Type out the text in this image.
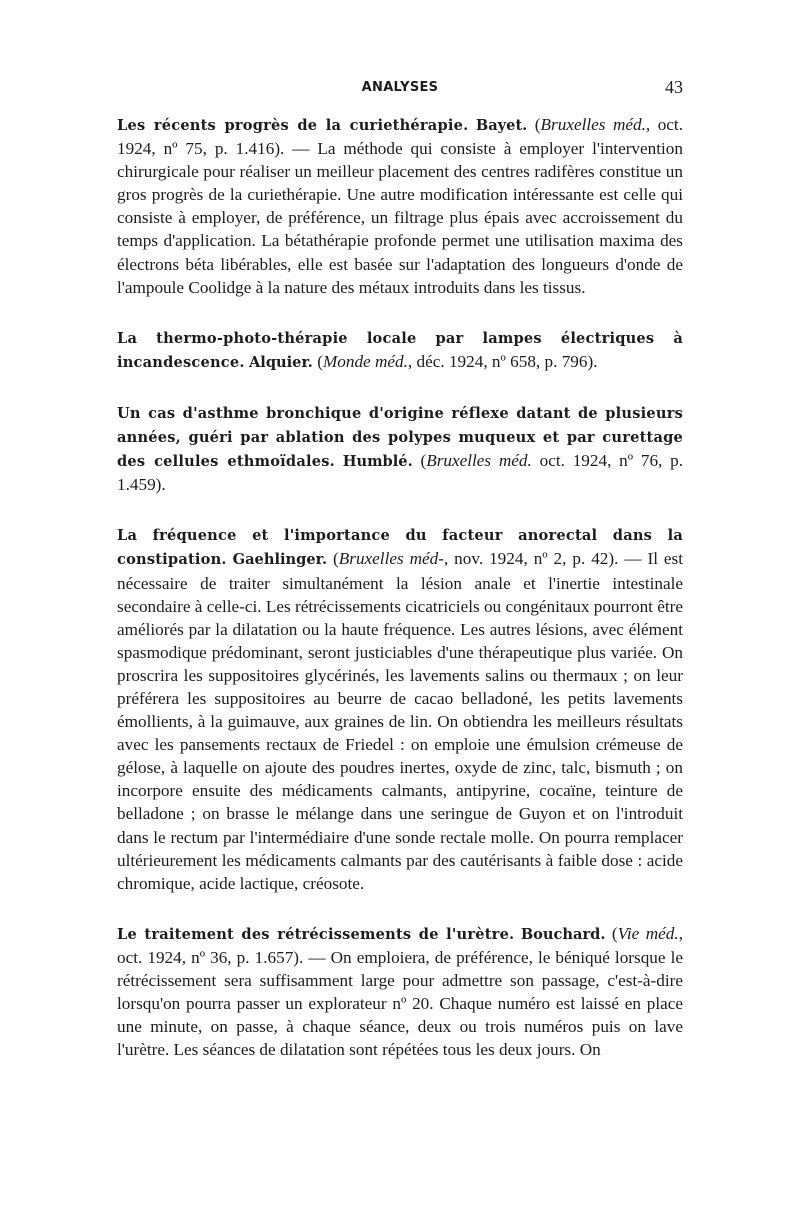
ANALYSES	43

Les récents progrès de la curiethérapie. Bayet. (Bruxelles méd., oct. 1924, nº 75, p. 1.416). — La méthode qui consiste à employer l'intervention chirurgicale pour réaliser un meilleur placement des centres radifères constitue un gros progrès de la curiethérapie. Une autre modification intéressante est celle qui consiste à employer, de préférence, un filtrage plus épais avec accroissement du temps d'application. La bétathérapie profonde permet une utilisation maxima des électrons béta libérables, elle est basée sur l'adaptation des longueurs d'onde de l'ampoule Coolidge à la nature des métaux introduits dans les tissus.

La thermo-photo-thérapie locale par lampes électriques à incandescence. Alquier. (Monde méd., déc. 1924, nº 658, p. 796).

Un cas d'asthme bronchique d'origine réflexe datant de plusieurs années, guéri par ablation des polypes muqueux et par curettage des cellules ethmoïdales. Humblé. (Bruxelles méd. oct. 1924, nº 76, p. 1.459).

La fréquence et l'importance du facteur anorectal dans la constipation. Gaehlinger. (Bruxelles méd-, nov. 1924, nº 2, p. 42). — Il est nécessaire de traiter simultanément la lésion anale et l'inertie intestinale secondaire à celle-ci. Les rétrécissements cicatriciels ou congénitaux pourront être améliorés par la dilatation ou la haute fréquence. Les autres lésions, avec élément spasmodique prédominant, seront justiciables d'une thérapeutique plus variée. On proscrira les suppositoires glycérinés, les lavements salins ou thermaux ; on leur préférera les suppositoires au beurre de cacao belladoné, les petits lavements émollients, à la guimauve, aux graines de lin. On obtiendra les meilleurs résultats avec les pansements rectaux de Friedel : on emploie une émulsion crémeuse de gélose, à laquelle on ajoute des poudres inertes, oxyde de zinc, talc, bismuth ; on incorpore ensuite des médicaments calmants, antipyrine, cocaïne, teinture de belladone ; on brasse le mélange dans une seringue de Guyon et on l'introduit dans le rectum par l'intermédiaire d'une sonde rectale molle. On pourra remplacer ultérieurement les médicaments calmants par des cautérisants à faible dose : acide chromique, acide lactique, créosote.

Le traitement des rétrécissements de l'urètre. Bouchard. (Vie méd., oct. 1924, nº 36, p. 1.657). — On emploiera, de préférence, le béniqué lorsque le rétrécissement sera suffisamment large pour admettre son passage, c'est-à-dire lorsqu'on pourra passer un explorateur nº 20. Chaque numéro est laissé en place une minute, on passe, à chaque séance, deux ou trois numéros puis on lave l'urètre. Les séances de dilatation sont répétées tous les deux jours. On
